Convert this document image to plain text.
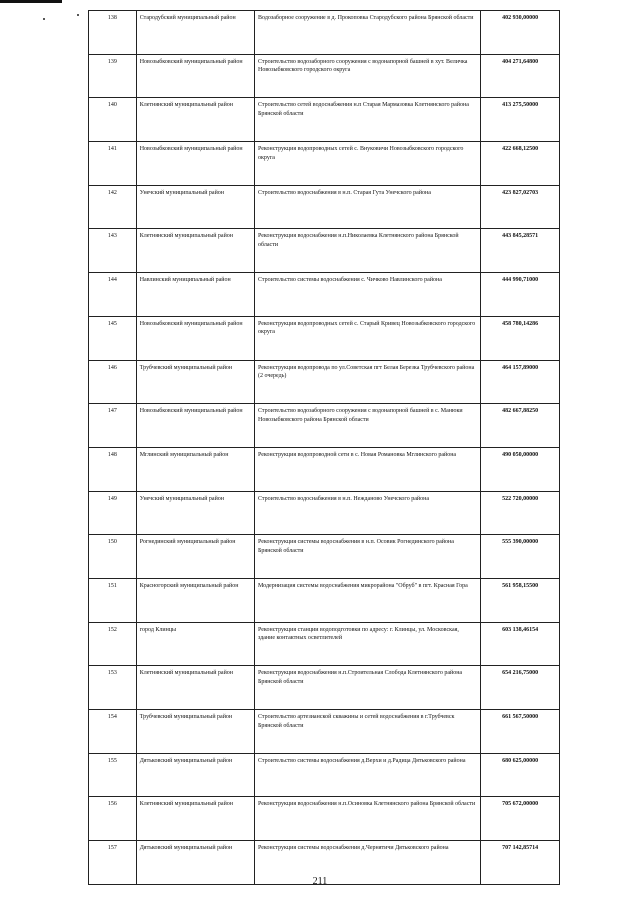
138	Стародубский муниципальный район	Водозаборное сооружение в д. Прокоповка Стародубского района Брянской области	402 930,00000
139	Новозыбковский муниципальный район	Строительство водозаборного сооружения с водонапорной башней в хут. Величка Новозыбковского городского округа	404 271,64800
140	Клетнянский муниципальный район	Строительство сетей водоснабжения н.п Старая Мармазовка Клетнянского района Брянской области	413 275,50000
141	Новозыбковский муниципальный район	Реконструкция водопроводных сетей с. Внуковичи Новозыбковского городского округа	422 668,12500
142	Унечский муниципальный район	Строительство водоснабжения в н.п. Старая Гута Унечского района	423 827,02703
143	Клетнянский муниципальный район	Реконструкция водоснабжения н.п.Николаевка Клетнянского района Брянской области	443 845,28571
144	Навлинский муниципальный район	Строительство системы водоснабжения с. Чичково Навлинского района	444 990,71000
145	Новозыбковский муниципальный район	Реконструкция водопроводных сетей с. Старый Кривец Новозыбковского городского округа	458 780,14286
146	Трубчевский муниципальный район	Реконструкция водопровода по ул.Советская пгт Белая Березка Трубчевского района (2 очередь)	464 157,89000
147	Новозыбковский муниципальный район	Строительство водозаборного сооружения с водонапорной башней в с. Манюки Новозыбковского района Брянской области	482 667,88250
148	Мглинский муниципальный район	Реконструкция водопроводной сети в с. Новая Романовка Мглинского района	490 050,00000
149	Унечский муниципальный район	Строительство водоснабжения в н.п. Нежданово Унечского района	522 720,00000
150	Рогнединский муниципальный район	Реконструкция системы водоснабжения в н.п. Осовик Рогнединского района Брянской области	555 390,00000
151	Красногорский муниципальный район	Модернизация системы водоснабжения микрорайона "Обруб" в пгт. Красная Гора	561 958,15500
152	город Клинцы	Реконструкция станции водоподготовки по адресу: г. Клинцы, ул. Московская, здание контактных осветлителей	603 138,46154
153	Клетнянский муниципальный район	Реконструкция водоснабжения н.п.Строительная Слобода Клетнянского района Брянской области	654 216,75000
154	Трубчевский муниципальный район	Строительство артезианской скважины и сетей водоснабжения в г.Трубчевск Брянской области	661 567,50000
155	Дятьковский муниципальный район	Строительство системы водоснабжения д.Верхи и д.Радица Дятьковского района	680 625,00000
156	Клетнянский муниципальный район	Реконструкция водоснабжения н.п.Осиновка Клетнянского района Брянской области	705 672,00000
157	Дятьковский муниципальный район	Реконструкция системы водоснабжения д.Чернятичи Дятьковского района	707 142,85714
211
